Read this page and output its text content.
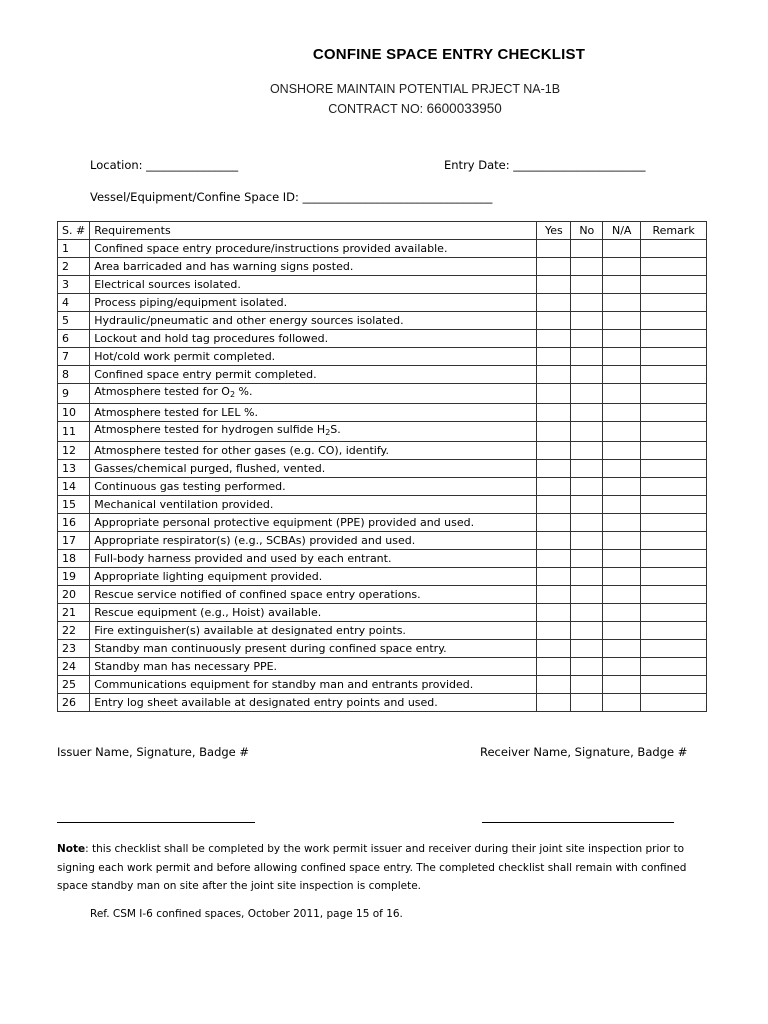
CONFINE SPACE ENTRY CHECKLIST
ONSHORE MAINTAIN POTENTIAL PRJECT NA-1B
CONTRACT NO: 6600033950
Location: ________________	Entry Date: _______________________
Vessel/Equipment/Confine Space ID: _________________________________
S. #	Requirements	Yes	No	N/A	Remark
1	Confined space entry procedure/instructions provided available.				
2	Area barricaded and has warning signs posted.				
3	Electrical sources isolated.				
4	Process piping/equipment isolated.				
5	Hydraulic/pneumatic and other energy sources isolated.				
6	Lockout and hold tag procedures followed.				
7	Hot/cold work permit completed.				
8	Confined space entry permit completed.				
9	Atmosphere tested for $O_2$ %.				
10	Atmosphere tested for LEL %.				
11	Atmosphere tested for hydrogen sulfide $H_2S$.				
12	Atmosphere tested for other gases (e.g. CO), identify.				
13	Gasses/chemical purged, flushed, vented.				
14	Continuous gas testing performed.				
15	Mechanical ventilation provided.				
16	Appropriate personal protective equipment (PPE) provided and used.				
17	Appropriate respirator(s) (e.g., SCBAs) provided and used.				
18	Full-body harness provided and used by each entrant.				
19	Appropriate lighting equipment provided.				
20	Rescue service notified of confined space entry operations.				
21	Rescue equipment (e.g., Hoist) available.				
22	Fire extinguisher(s) available at designated entry points.				
23	Standby man continuously present during confined space entry.				
24	Standby man has necessary PPE.				
25	Communications equipment for standby man and entrants provided.				
26	Entry log sheet available at designated entry points and used.				
Issuer Name, Signature, Badge #	Receiver Name, Signature, Badge #
Note: this checklist shall be completed by the work permit issuer and receiver during their joint site inspection prior to signing each work permit and before allowing confined space entry. The completed checklist shall remain with confined space standby man on site after the joint site inspection is complete.
Ref. CSM I-6 confined spaces, October 2011, page 15 of 16.
